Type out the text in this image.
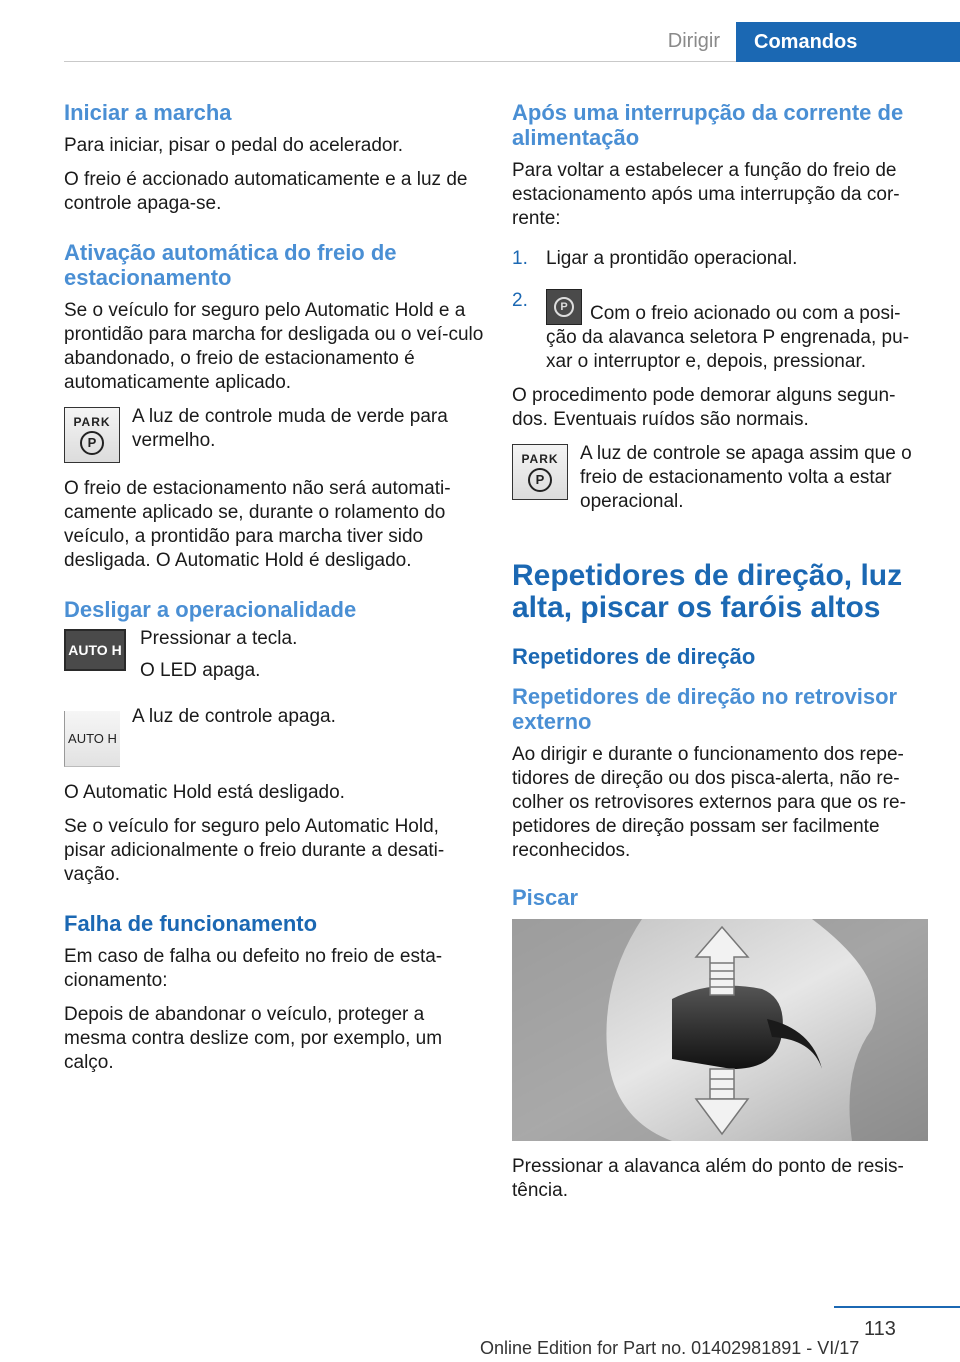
Dirigir	Comandos
Iniciar a marcha

Para iniciar, pisar o pedal do acelerador.

O freio é accionado automaticamente e a luz de controle apaga-se.

Ativação automática do freio de estacionamento

Se o veículo for seguro pelo Automatic Hold e a prontidão para marcha for desligada ou o veí‐culo abandonado, o freio de estacionamento é automaticamente aplicado.

PARK
P
A luz de controle muda de verde para vermelho.

O freio de estacionamento não será automati‐camente aplicado se, durante o rolamento do veículo, a prontidão para marcha tiver sido desligada. O Automatic Hold é desligado.

Desligar a operacionalidade
AUTO H

Pressionar a tecla.

O LED apaga.

AUTO H
A luz de controle apaga.

O Automatic Hold está desligado.

Se o veículo for seguro pelo Automatic Hold, pisar adicionalmente o freio durante a desati‐vação.

Falha de funcionamento

Em caso de falha ou defeito no freio de esta‐cionamento:

Depois de abandonar o veículo, proteger a mesma contra deslize com, por exemplo, um calço.

Após uma interrupção da corrente de alimentação

Para voltar a estabelecer a função do freio de estacionamento após uma interrupção da cor‐rente:

1. Ligar a prontidão operacional.
2.	P	Com o freio acionado ou com a posi‐ção da alavanca seletora P engrenada, pu‐xar o interruptor e, depois, pressionar.

O procedimento pode demorar alguns segun‐dos. Eventuais ruídos são normais.

PARK
P
A luz de controle se apaga assim que o freio de estacionamento volta a estar operacional.
Repetidores de direção, luz alta, piscar os faróis altos
Repetidores de direção
Repetidores de direção no retrovisor externo

Ao dirigir e durante o funcionamento dos repe‐tidores de direção ou dos pisca-alerta, não re‐colher os retrovisores externos para que os re‐petidores de direção possam ser facilmente reconhecidos.

Piscar

Pressionar a alavanca além do ponto de resis‐tência.

113
Online Edition for Part no. 01402981891 - VI/17
